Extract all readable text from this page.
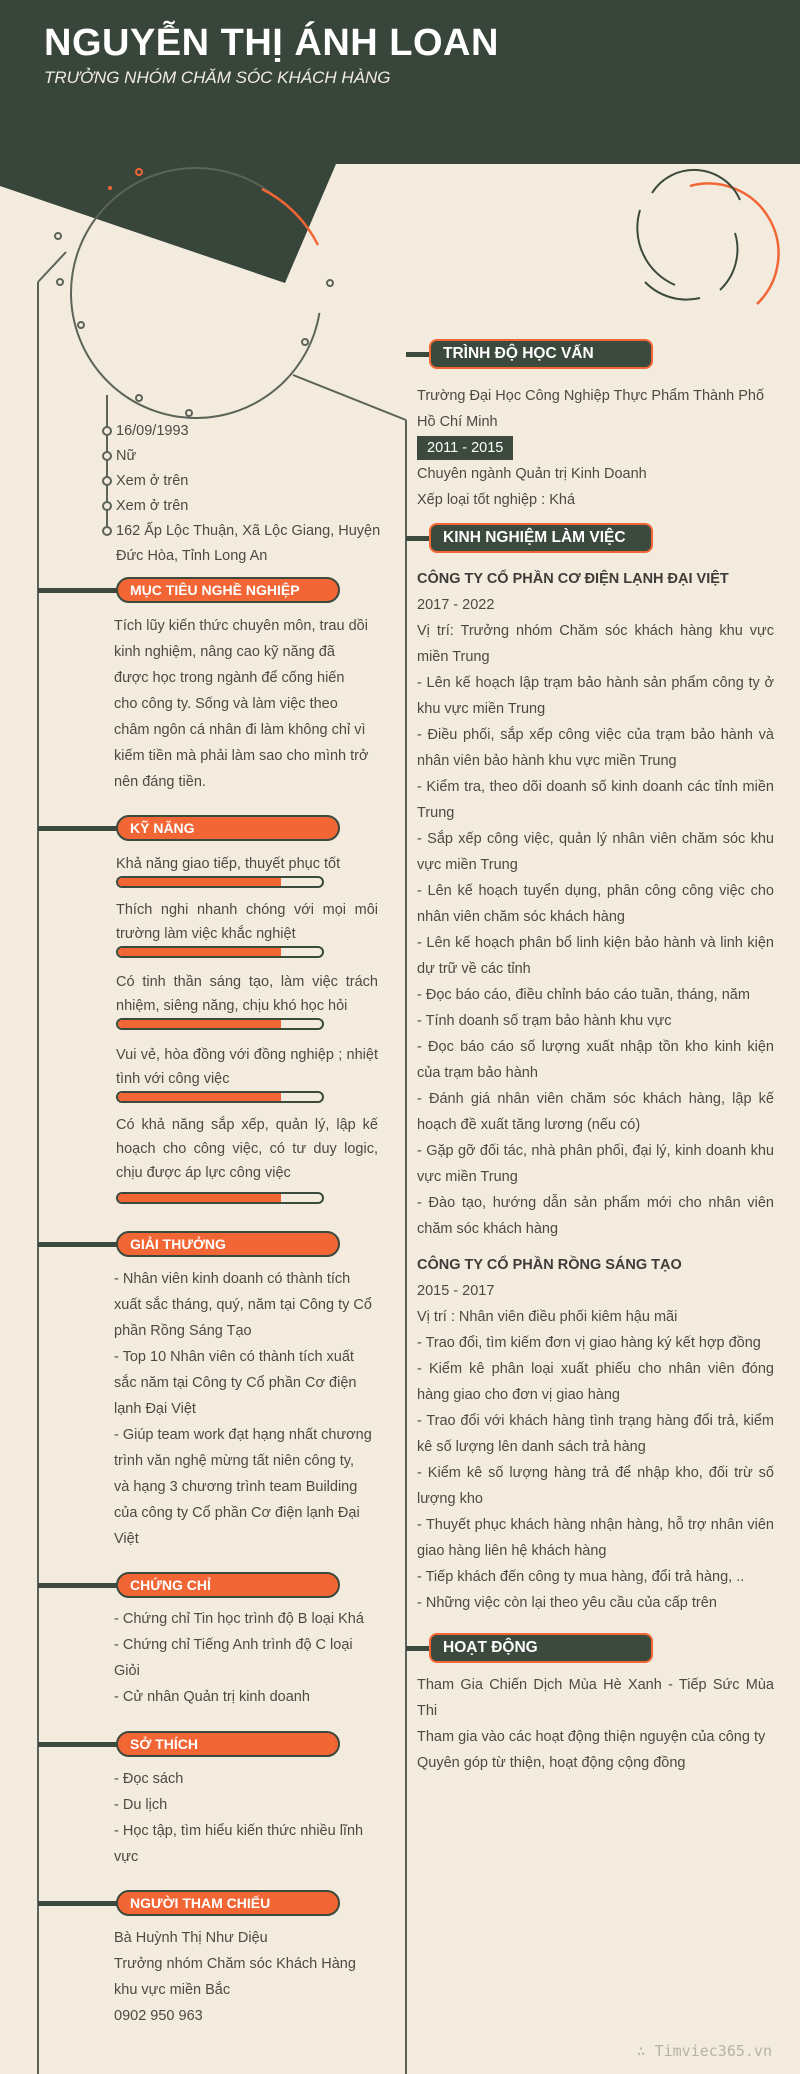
NGUYỄN THỊ ÁNH LOAN
TRƯỞNG NHÓM CHĂM SÓC KHÁCH HÀNG
16/09/1993
Nữ
Xem ở trên
Xem ở trên
162 Ấp Lộc Thuận, Xã Lộc Giang, Huyện
Đức Hòa, Tỉnh Long An
MỤC TIÊU NGHỀ NGHIỆP
Tích lũy kiến thức chuyên môn, trau dồi
kinh nghiệm, nâng cao kỹ năng đã
được học trong ngành để cống hiến
cho công ty. Sống và làm việc theo
châm ngôn cá nhân đi làm không chỉ vì
kiếm tiền mà phải làm sao cho mình trở
nên đáng tiền.
KỸ NĂNG
Khả năng giao tiếp, thuyết phục tốt
Thích nghi nhanh chóng với mọi môi trường làm việc khắc nghiệt
Có tinh thần sáng tạo, làm việc trách nhiệm, siêng năng, chịu khó học hỏi
Vui vẻ, hòa đồng với đồng nghiệp ; nhiệt tình với công việc
Có khả năng sắp xếp, quản lý, lập kế hoạch cho công việc, có tư duy logic, chịu được áp lực công việc
GIẢI THƯỞNG
- Nhân viên kinh doanh có thành tích
xuất sắc tháng, quý, năm tại Công ty Cổ
phần Rồng Sáng Tạo
- Top 10 Nhân viên có thành tích xuất
sắc năm tại Công ty Cổ phần Cơ điện
lạnh Đại Việt
- Giúp team work đạt hạng nhất chương
trình văn nghệ mừng tất niên công ty,
và hạng 3 chương trình team Building
của công ty Cổ phần Cơ điện lạnh Đại
Việt
CHỨNG CHỈ
- Chứng chỉ Tin học trình độ B loại Khá
- Chứng chỉ Tiếng Anh trình độ C loại
Giỏi
- Cử nhân Quản trị kinh doanh
SỞ THÍCH
- Đọc sách
- Du lịch
- Học tập, tìm hiểu kiến thức nhiều lĩnh
vực
NGƯỜI THAM CHIẾU
Bà Huỳnh Thị Như Diệu
Trưởng nhóm Chăm sóc Khách Hàng
khu vực miền Bắc
0902 950 963
TRÌNH ĐỘ HỌC VẤN
Trường Đại Học Công Nghiệp Thực Phẩm Thành Phố Hồ Chí Minh
2011 - 2015
Chuyên ngành Quản trị Kinh Doanh
Xếp loại tốt nghiệp : Khá
KINH NGHIỆM LÀM VIỆC
CÔNG TY CỔ PHẦN CƠ ĐIỆN LẠNH ĐẠI VIỆT
2017 - 2022
Vị trí: Trưởng nhóm Chăm sóc khách hàng khu vực miền Trung
- Lên kế hoạch lập trạm bảo hành sản phẩm công ty ở khu vực miền Trung
- Điều phối, sắp xếp công việc của trạm bảo hành và nhân viên bảo hành khu vực miền Trung
- Kiểm tra, theo dõi doanh số kinh doanh các tỉnh miền Trung
- Sắp xếp công việc, quản lý nhân viên chăm sóc khu vực miền Trung
- Lên kế hoạch tuyển dụng, phân công công việc cho nhân viên chăm sóc khách hàng
- Lên kế hoạch phân bổ linh kiện bảo hành và linh kiện dự trữ về các tỉnh
- Đọc báo cáo, điều chỉnh báo cáo tuần, tháng, năm
- Tính doanh số trạm bảo hành khu vực
- Đọc báo cáo số lượng xuất nhập tồn kho kinh kiện của trạm bảo hành
- Đánh giá nhân viên chăm sóc khách hàng, lập kế hoạch đề xuất tăng lương (nếu có)
- Gặp gỡ đối tác, nhà phân phối, đại lý, kinh doanh khu vực miền Trung
- Đào tạo, hướng dẫn sản phẩm mới cho nhân viên chăm sóc khách hàng
CÔNG TY CỔ PHẦN RỒNG SÁNG TẠO
2015 - 2017
Vị trí : Nhân viên điều phối kiêm hậu mãi
- Trao đổi, tìm kiếm đơn vị giao hàng ký kết hợp đồng
- Kiểm kê phân loại xuất phiếu cho nhân viên đóng hàng giao cho đơn vị giao hàng
- Trao đổi với khách hàng tình trạng hàng đổi trả, kiểm kê số lượng lên danh sách trả hàng
- Kiểm kê số lượng hàng trả để nhập kho, đối trừ số lượng kho
- Thuyết phục khách hàng nhận hàng, hỗ trợ nhân viên giao hàng liên hệ khách hàng
- Tiếp khách đến công ty mua hàng, đổi trả hàng, ..
- Những việc còn lại theo yêu cầu của cấp trên
HOẠT ĐỘNG
Tham Gia Chiến Dịch Mùa Hè Xanh - Tiếp Sức Mùa Thi
Tham gia vào các hoạt động thiện nguyện của công ty
Quyên góp từ thiện, hoạt động cộng đồng
∴ Timviec365.vn
